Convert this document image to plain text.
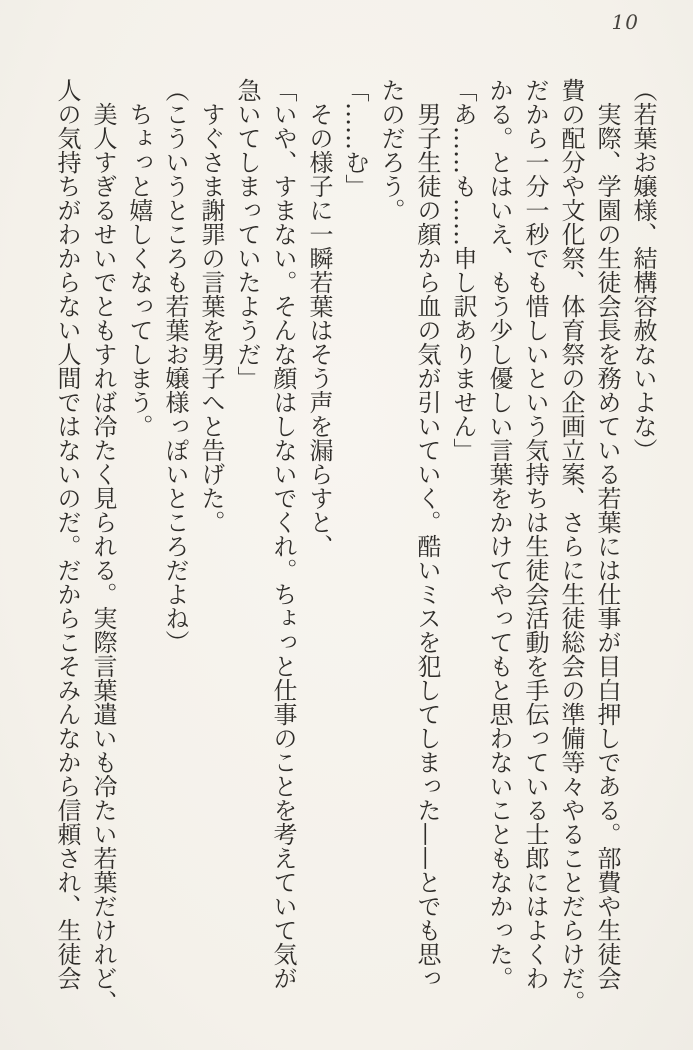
10

（若葉お嬢様、結構容赦ないよな）

　実際、学園の生徒会長を務めている若葉には仕事が目白押しである。部費や生徒会

費の配分や文化祭、体育祭の企画立案、さらに生徒総会の準備等々やることだらけだ。

だから一分一秒でも惜しいという気持ちは生徒会活動を手伝っている士郎にはよくわ

かる。とはいえ、もう少し優しい言葉をかけてやってもと思わないこともなかった。

「あ……も……申し訳ありません」

　男子生徒の顔から血の気が引いていく。酷いミスを犯してしまった——とでも思っ

たのだろう。

「……む」

　その様子に一瞬若葉はそう声を漏らすと、

「いや、すまない。そんな顔はしないでくれ。ちょっと仕事のことを考えていて気が

急いてしまっていたようだ」

　すぐさま謝罪の言葉を男子へと告げた。

（こういうところも若葉お嬢様っぽいところだよね）

　ちょっと嬉しくなってしまう。

　美人すぎるせいでともすれば冷たく見られる。実際言葉遣いも冷たい若葉だけれど、

人の気持ちがわからない人間ではないのだ。だからこそみんなから信頼され、生徒会
